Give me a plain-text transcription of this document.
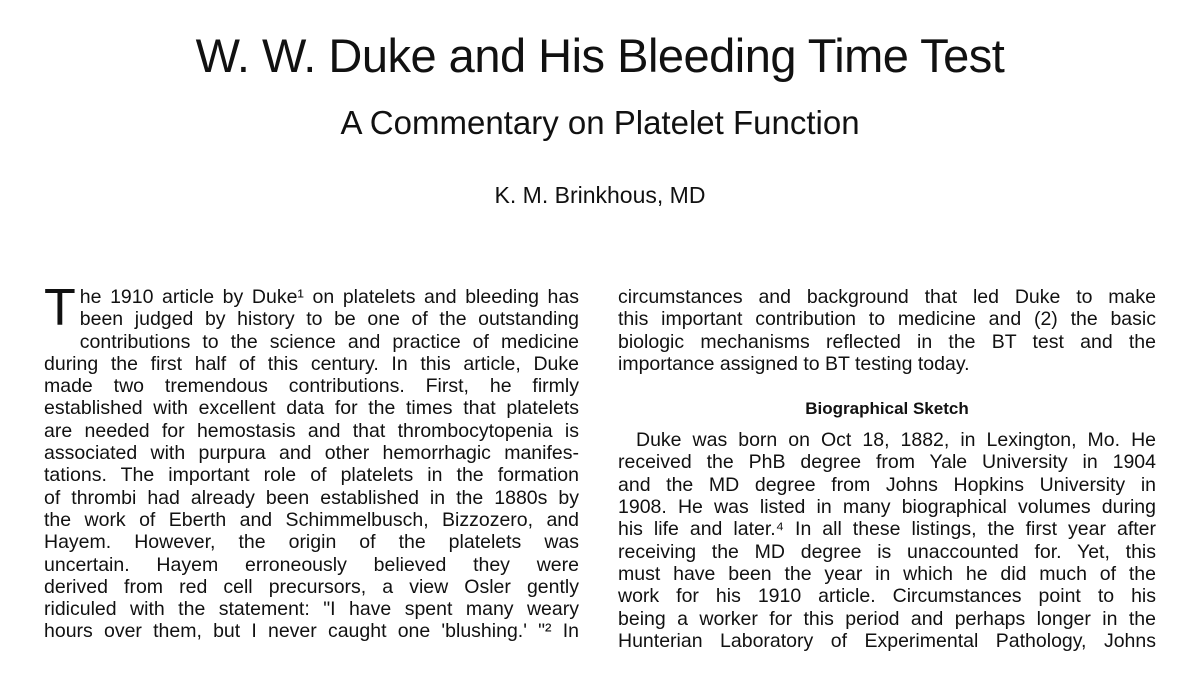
W. W. Duke and His Bleeding Time Test
A Commentary on Platelet Function
K. M. Brinkhous, MD
T he 1910 article by Duke¹ on platelets and bleeding has
been judged by history to be one of the outstanding
contributions to the science and practice of medicine
during the first half of this century. In this article, Duke
made two tremendous contributions. First, he firmly
established with excellent data for the times that platelets
are needed for hemostasis and that thrombocytopenia is
associated with purpura and other hemorrhagic manifes-
tations. The important role of platelets in the formation
of thrombi had already been established in the 1880s by
the work of Eberth and Schimmelbusch, Bizzozero, and
Hayem. However, the origin of the platelets was
uncertain. Hayem erroneously believed they were
derived from red cell precursors, a view Osler gently
ridiculed with the statement: "I have spent many weary
hours over them, but I never caught one 'blushing.' "² In
circumstances and background that led Duke to make
this important contribution to medicine and (2) the basic
biologic mechanisms reflected in the BT test and the
importance assigned to BT testing today.
Biographical Sketch
Duke was born on Oct 18, 1882, in Lexington, Mo. He
received the PhB degree from Yale University in 1904
and the MD degree from Johns Hopkins University in
1908. He was listed in many biographical volumes during
his life and later.⁴ In all these listings, the first year after
receiving the MD degree is unaccounted for. Yet, this
must have been the year in which he did much of the
work for his 1910 article. Circumstances point to his
being a worker for this period and perhaps longer in the
Hunterian Laboratory of Experimental Pathology, Johns
